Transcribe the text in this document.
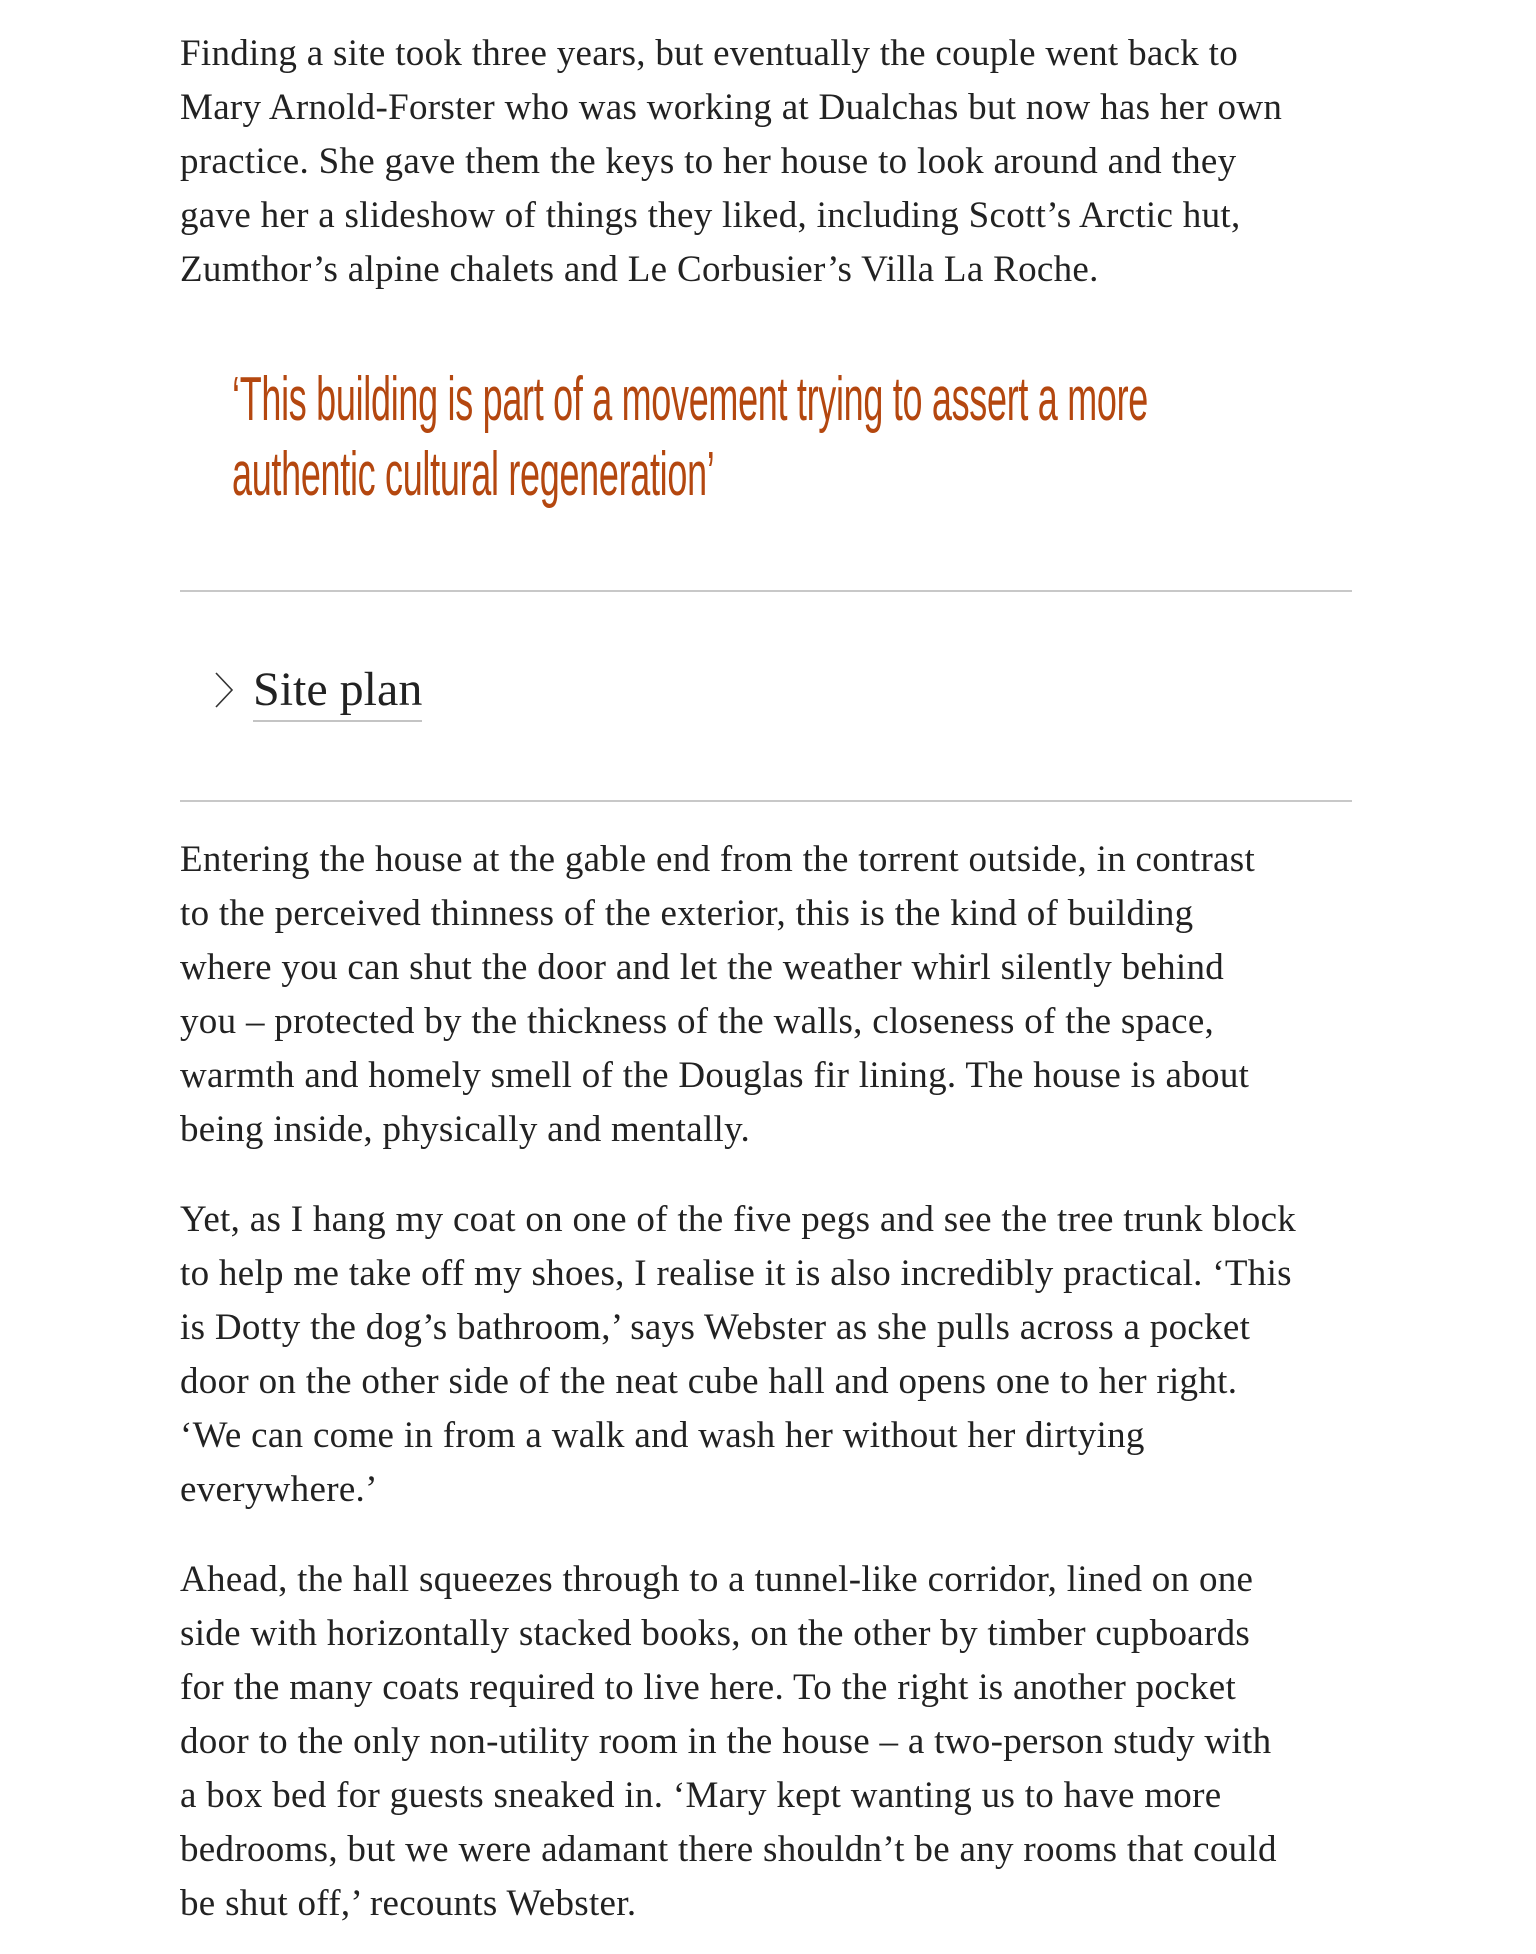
Finding a site took three years, but eventually the couple went back to
Mary Arnold-Forster who was working at Dualchas but now has her own
practice. She gave them the keys to her house to look around and they
gave her a slideshow of things they liked, including Scott’s Arctic hut,
Zumthor’s alpine chalets and Le Corbusier’s Villa La Roche.
‘This building is part of a movement trying to assert a more
authentic cultural regeneration’
Site plan
Entering the house at the gable end from the torrent outside, in contrast
to the perceived thinness of the exterior, this is the kind of building
where you can shut the door and let the weather whirl silently behind
you – protected by the thickness of the walls, closeness of the space,
warmth and homely smell of the Douglas fir lining. The house is about
being inside, physically and mentally.
Yet, as I hang my coat on one of the five pegs and see the tree trunk block
to help me take off my shoes, I realise it is also incredibly practical. ‘This
is Dotty the dog’s bathroom,’ says Webster as she pulls across a pocket
door on the other side of the neat cube hall and opens one to her right.
‘We can come in from a walk and wash her without her dirtying
everywhere.’
Ahead, the hall squeezes through to a tunnel-like corridor, lined on one
side with horizontally stacked books, on the other by timber cupboards
for the many coats required to live here. To the right is another pocket
door to the only non-utility room in the house – a two-person study with
a box bed for guests sneaked in. ‘Mary kept wanting us to have more
bedrooms, but we were adamant there shouldn’t be any rooms that could
be shut off,’ recounts Webster.
